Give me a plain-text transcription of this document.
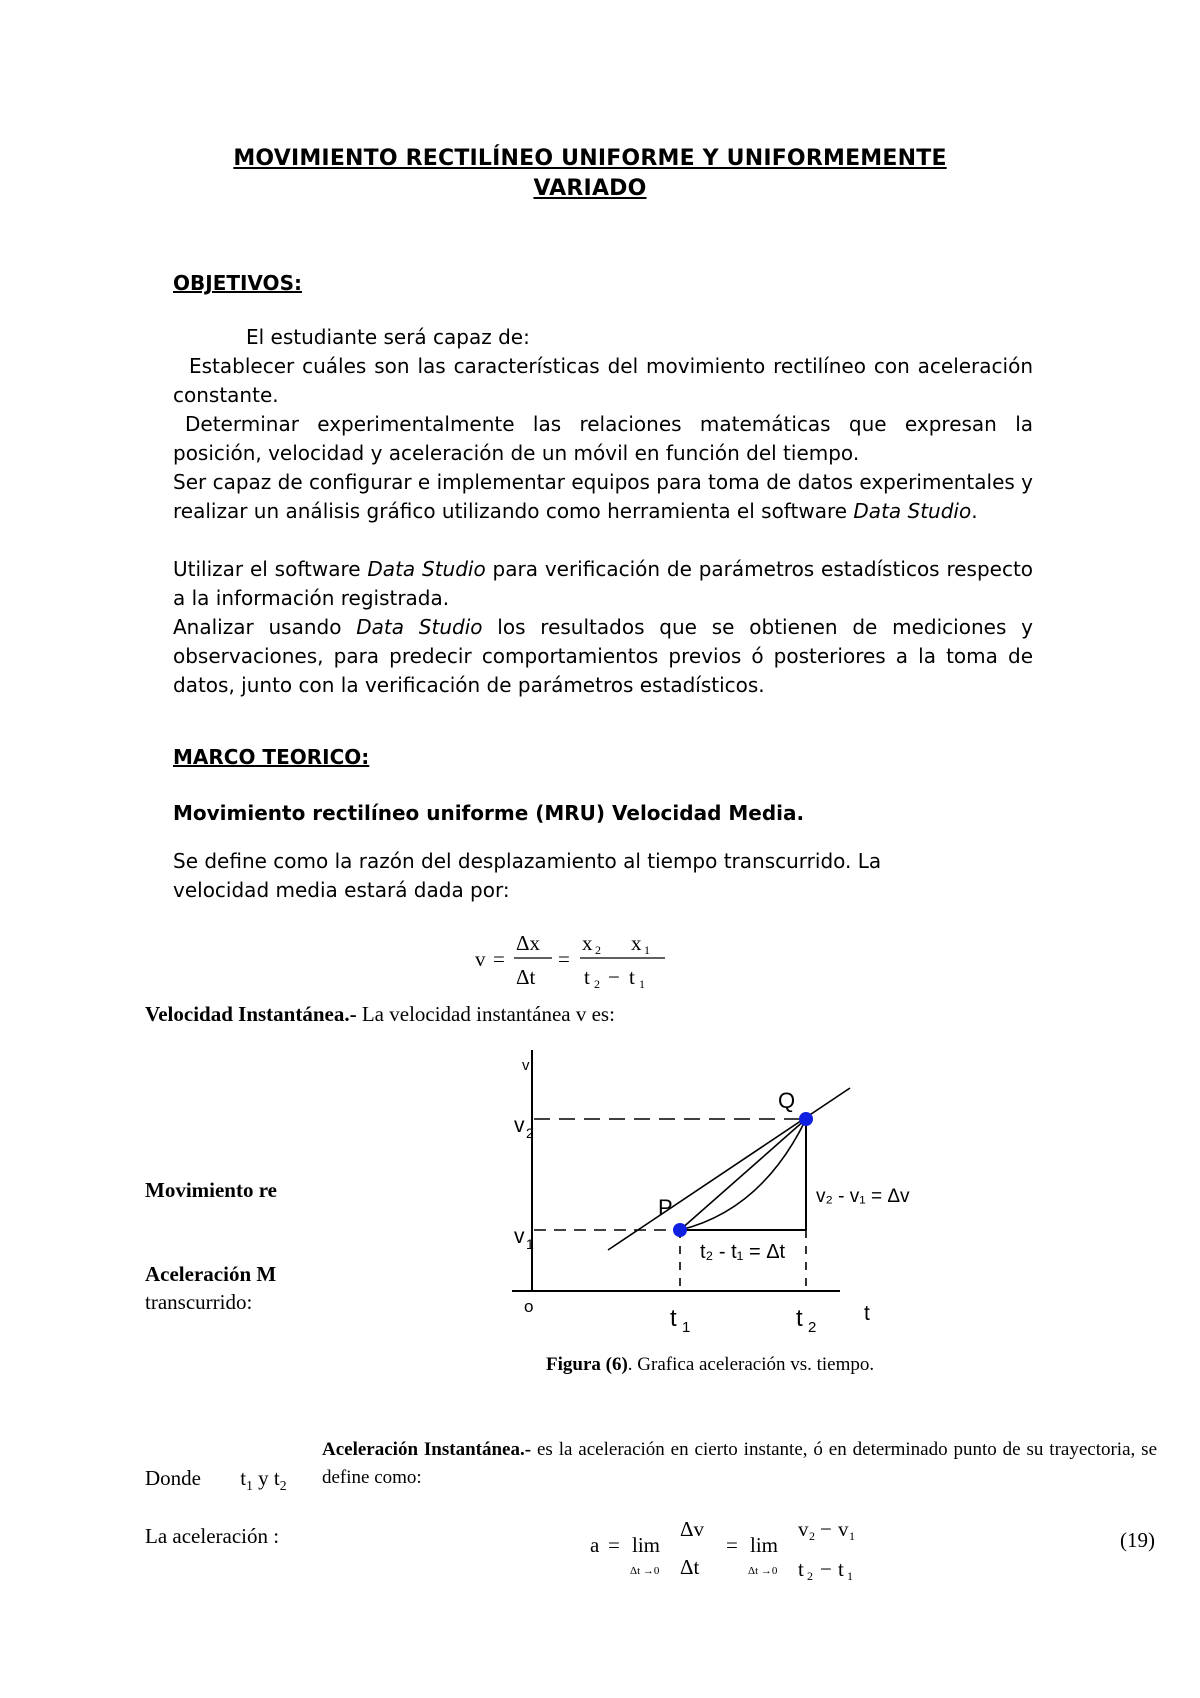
MOVIMIENTO RECTILÍNEO UNIFORME Y UNIFORMEMENTE
VARIADO
OBJETIVOS:
El estudiante será capaz de:
Establecer cuáles son las características del movimiento rectilíneo con aceleración constante.
Determinar experimentalmente las relaciones matemáticas que expresan la posición, velocidad y aceleración de un móvil en función del tiempo.
Ser capaz de configurar e implementar equipos para toma de datos experimentales y realizar un análisis gráfico utilizando como herramienta el software Data Studio.
Utilizar el software Data Studio para verificación de parámetros estadísticos respecto a la información registrada.
Analizar usando Data Studio los resultados que se obtienen de mediciones y observaciones, para predecir comportamientos previos ó posteriores a la toma de datos, junto con la verificación de parámetros estadísticos.
MARCO TEORICO:
Movimiento rectilíneo uniforme (MRU) Velocidad Media.
Se define como la razón del desplazamiento al tiempo transcurrido. La velocidad media estará dada por:
v =
Δx
Δt
=
x 2 x 1
t 2 − t 1
Velocidad Instantánea.- La velocidad instantánea v es:
Movimiento re
Aceleración M
transcurrido:
v
t
o
v 1
v 2
P
Q
t 1	t 2
v₂ - v₁ = Δv
t₂ - t₁ = Δt
Figura (6). Grafica aceleración vs. tiempo.
Aceleración Instantánea.- es la aceleración en cierto instante, ó en determinado punto de su trayectoria, se define como:
Donde $t_1$ y $t_2$
La aceleración :	a = lim
Δt →0
Δv
Δt
= lim
Δt →0
v 2 − v 1
t 2 − t 1
(19)
